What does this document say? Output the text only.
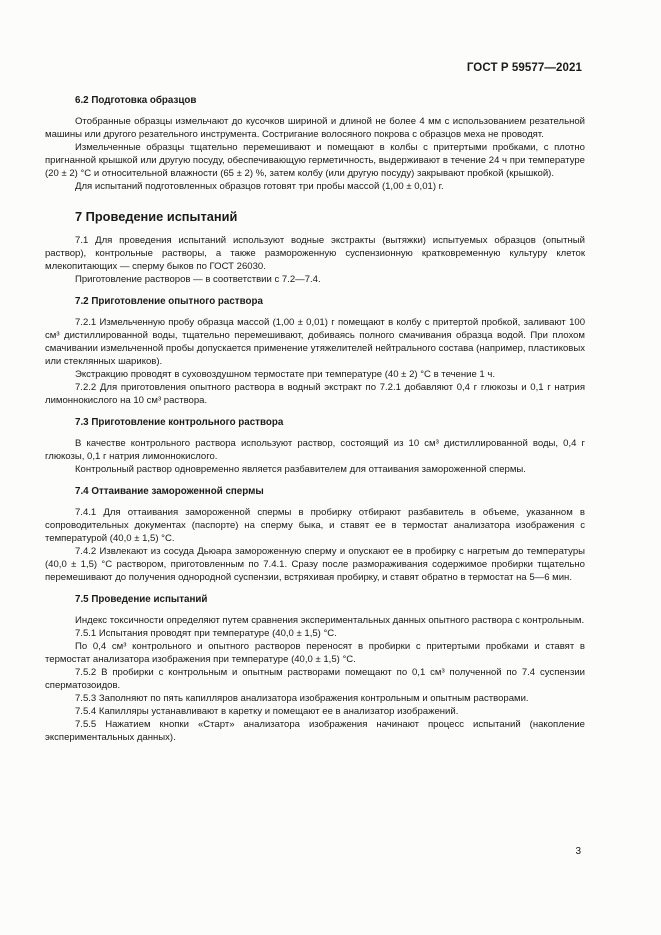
ГОСТ Р 59577—2021
6.2 Подготовка образцов

Отобранные образцы измельчают до кусочков шириной и длиной не более 4 мм с использованием резательной машины или другого резательного инструмента. Состригание волосяного покрова с образцов меха не проводят.

Измельченные образцы тщательно перемешивают и помещают в колбы с притертыми пробками, с плотно пригнанной крышкой или другую посуду, обеспечивающую герметичность, выдерживают в течение 24 ч при температуре (20 ± 2) °С и относительной влажности (65 ± 2) %, затем колбу (или другую посуду) закрывают пробкой (крышкой).

Для испытаний подготовленных образцов готовят три пробы массой (1,00 ± 0,01) г.

7 Проведение испытаний

7.1 Для проведения испытаний используют водные экстракты (вытяжки) испытуемых образцов (опытный раствор), контрольные растворы, а также размороженную суспензионную кратковременную культуру клеток млекопитающих — сперму быков по ГОСТ 26030.

Приготовление растворов — в соответствии с 7.2—7.4.

7.2 Приготовление опытного раствора

7.2.1 Измельченную пробу образца массой (1,00 ± 0,01) г помещают в колбу с притертой пробкой, заливают 100 см³ дистиллированной воды, тщательно перемешивают, добиваясь полного смачивания образца водой. При плохом смачивании измельченной пробы допускается применение утяжелителей нейтрального состава (например, пластиковых или стеклянных шариков).

Экстракцию проводят в суховоздушном термостате при температуре (40 ± 2) °С в течение 1 ч.

7.2.2 Для приготовления опытного раствора в водный экстракт по 7.2.1 добавляют 0,4 г глюкозы и 0,1 г натрия лимоннокислого на 10 см³ раствора.

7.3 Приготовление контрольного раствора

В качестве контрольного раствора используют раствор, состоящий из 10 см³ дистиллированной воды, 0,4 г глюкозы, 0,1 г натрия лимоннокислого.

Контрольный раствор одновременно является разбавителем для оттаивания замороженной спермы.

7.4 Оттаивание замороженной спермы

7.4.1 Для оттаивания замороженной спермы в пробирку отбирают разбавитель в объеме, указанном в сопроводительных документах (паспорте) на сперму быка, и ставят ее в термостат анализатора изображения с температурой (40,0 ± 1,5) °С.

7.4.2 Извлекают из сосуда Дьюара замороженную сперму и опускают ее в пробирку с нагретым до температуры (40,0 ± 1,5) °С раствором, приготовленным по 7.4.1. Сразу после размораживания содержимое пробирки тщательно перемешивают до получения однородной суспензии, встряхивая пробирку, и ставят обратно в термостат на 5—6 мин.

7.5 Проведение испытаний

Индекс токсичности определяют путем сравнения экспериментальных данных опытного раствора с контрольным.

7.5.1 Испытания проводят при температуре (40,0 ± 1,5) °С.

По 0,4 см³ контрольного и опытного растворов переносят в пробирки с притертыми пробками и ставят в термостат анализатора изображения при температуре (40,0 ± 1,5) °С.

7.5.2 В пробирки с контрольным и опытным растворами помещают по 0,1 см³ полученной по 7.4 суспензии сперматозоидов.

7.5.3 Заполняют по пять капилляров анализатора изображения контрольным и опытным растворами.

7.5.4 Капилляры устанавливают в каретку и помещают ее в анализатор изображений.

7.5.5 Нажатием кнопки «Старт» анализатора изображения начинают процесс испытаний (накопление экспериментальных данных).

3
